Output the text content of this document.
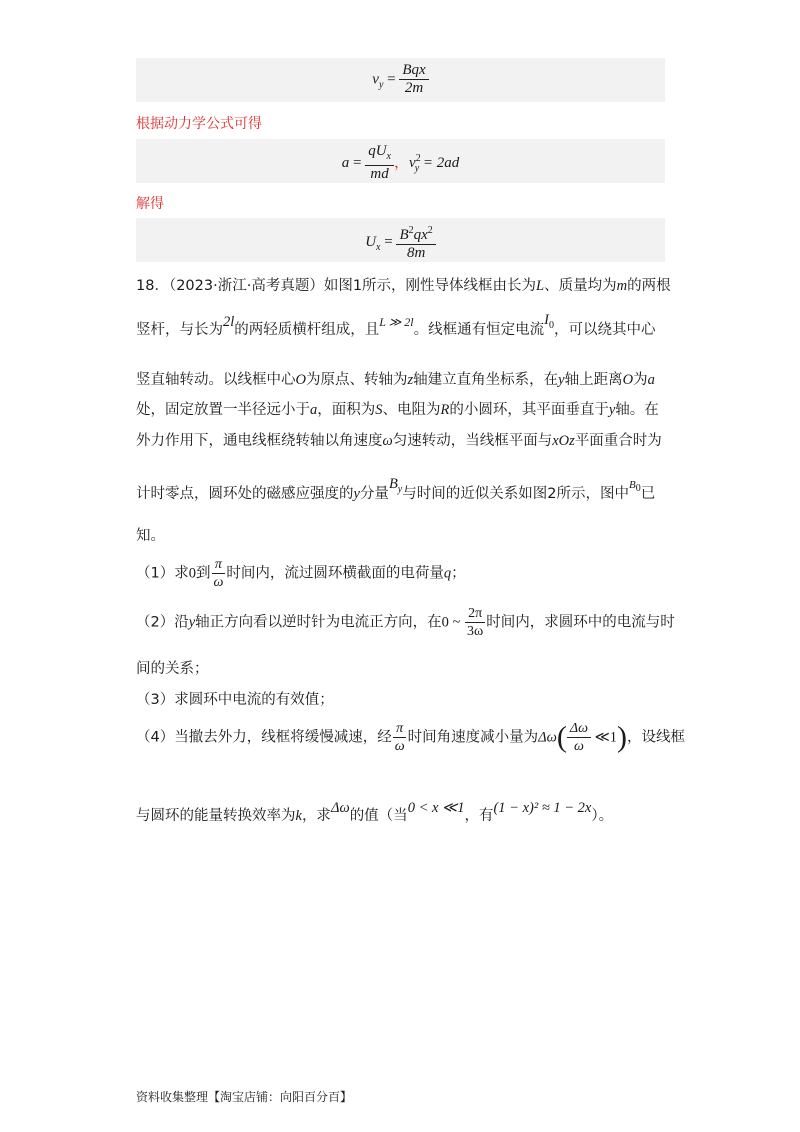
$v_y = \frac{\text{Bqx}}{2m}$
根据动力学公式可得
$a = \frac{qU_x}{md}$ ，$v^2_y = 2ad$
解得
$U_x = \frac{B^2qx^2}{8m}$
18．（2023·浙江·高考真题）如图1所示，刚性导体线框由长为L、质量均为m的两根
竖杆，与长为2l的两轻质横杆组成，且$^{L ≫ 2l}$。线框通有恒定电流$I_0$，可以绕其中心
竖直轴转动。以线框中心O为原点、转轴为z轴建立直角坐标系，在y轴上距离O为a
处，固定放置一半径远小于a，面积为S、电阻为R的小圆环，其平面垂直于y轴。在
外力作用下，通电线框绕转轴以角速度ω匀速转动，当线框平面与xOz平面重合时为
计时零点，圆环处的磁感应强度的y分量$B_y$与时间的近似关系如图2所示，图中$^{B_0}$已
知。
（1）求0到 $\frac{\pi}{\omega}$ 时间内，流过圆环横截面的电荷量q；
（2）沿y轴正方向看以逆时针为电流正方向，在0 ~ $\frac{2\pi}{3\omega}$ 时间内，求圆环中的电流与时
间的关系；
（3）求圆环中电流的有效值；
（4）当撤去外力，线框将缓慢减速，经 $\frac{\pi}{\omega}$ 时间角速度减小量为$\Delta\omega( \frac{\Delta\omega}{\omega}$ ≪1)，设线框
与圆环的能量转换效率为k，求Δω的值（当0 < x ≪1，有(1 − x)² ≈ 1 − 2x）。
资料收集整理【淘宝店铺：向阳百分百】
